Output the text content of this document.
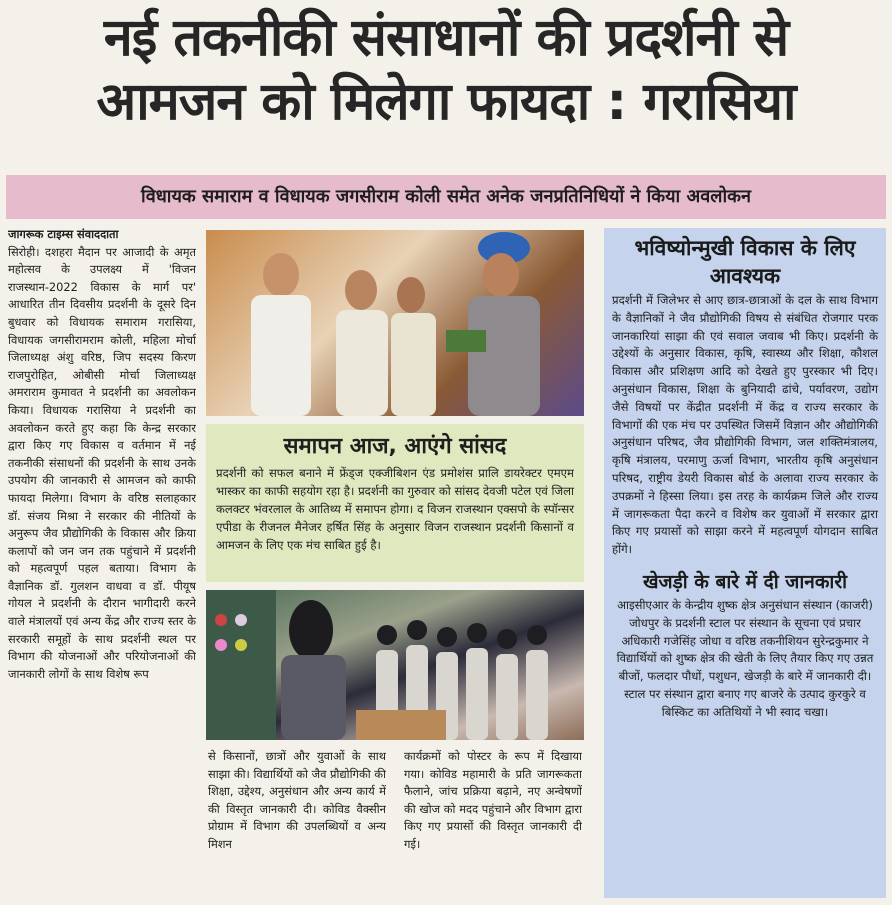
नई तकनीकी संसाधानों की प्रदर्शनी से
आमजन को मिलेगा फायदा : गरासिया
विधायक समाराम व विधायक जगसीराम कोली समेत अनेक जनप्रतिनिधियों ने किया अवलोकन
जागरूक टाइम्स संवाददाता
सिरोही। दशहरा मैदान पर आजादी के अमृत महोत्सव के उपलक्ष्य में 'विजन राजस्थान-2022 विकास के मार्ग पर' आधारित तीन दिवसीय प्रदर्शनी के दूसरे दिन बुधवार को विधायक समाराम गरासिया, विधायक जगसीरामराम कोली, महिला मोर्चा जिलाध्यक्ष अंशु वरिष्ठ, जिप सदस्य किरण राजपुरोहित, ओबीसी मोर्चा जिलाध्यक्ष अमराराम कुमावत ने प्रदर्शनी का अवलोकन किया। विधायक गरासिया ने प्रदर्शनी का अवलोकन करते हुए कहा कि केन्द्र सरकार द्वारा किए गए विकास व वर्तमान में नई तकनीकी संसाधनों की प्रदर्शनी के साथ उनके उपयोग की जानकारी से आमजन को काफी फायदा मिलेगा। विभाग के वरिष्ठ सलाहकार डॉ. संजय मिश्रा ने सरकार की नीतियों के अनुरूप जैव प्रौद्योगिकी के विकास और क्रिया कलापों को जन जन तक पहुंचाने में प्रदर्शनी को महत्वपूर्ण पहल बताया। विभाग के वैज्ञानिक डॉ. गुलशन वाधवा व डॉ. पीयूष गोयल ने प्रदर्शनी के दौरान भागीदारी करने वाले मंत्रालयों एवं अन्य केंद्र और राज्य स्तर के सरकारी समूहों के साथ प्रदर्शनी स्थल पर विभाग की योजनाओं और परियोजनाओं की जानकारी लोगों के साथ विशेष रूप
समापन आज, आएंगे सांसद

प्रदर्शनी को सफल बनाने में फ्रेंड्ज एक्जीबिशन एंड प्रमोशंस प्रालि डायरेक्टर एमएम भास्कर का काफी सहयोग रहा है। प्रदर्शनी का गुरुवार को सांसद देवजी पटेल एवं जिला कलक्टर भंवरलाल के आतिथ्य में समापन होगा। द विजन राजस्थान एक्सपो के स्पॉन्सर एपीडा के रीजनल मैनेजर हर्षित सिंह के अनुसार विजन राजस्थान प्रदर्शनी किसानों व आमजन के लिए एक मंच साबित हुई है।

से किसानों, छात्रों और युवाओं के साथ साझा की। विद्यार्थियों को जैव प्रौद्योगिकी की शिक्षा, उद्देश्य, अनुसंधान और अन्य कार्य में की विस्तृत जानकारी दी। कोविड वैक्सीन प्रोग्राम में विभाग की उपलब्धियों व अन्य मिशन
कार्यक्रमों को पोस्टर के रूप में दिखाया गया। कोविड महामारी के प्रति जागरूकता फैलाने, जांच प्रक्रिया बढ़ाने, नए अन्वेषणों की खोज को मदद पहुंचाने और विभाग द्वारा किए गए प्रयासों की विस्तृत जानकारी दी गई।
भविष्योन्मुखी विकास के लिए आवश्यक

प्रदर्शनी में जिलेभर से आए छात्र-छात्राओं के दल के साथ विभाग के वैज्ञानिकों ने जैव प्रौद्योगिकी विषय से संबंधित रोजगार परक जानकारियां साझा की एवं सवाल जवाब भी किए। प्रदर्शनी के उद्देश्यों के अनुसार विकास, कृषि, स्वास्थ्य और शिक्षा, कौशल विकास और प्रशिक्षण आदि को देखते हुए पुरस्कार भी दिए। अनुसंधान विकास, शिक्षा के बुनियादी ढांचे, पर्यावरण, उद्योग जैसे विषयों पर केंद्रीत प्रदर्शनी में केंद्र व राज्य सरकार के विभागों की एक मंच पर उपस्थित जिसमें विज्ञान और औद्योगिकी अनुसंधान परिषद, जैव प्रौद्योगिकी विभाग, जल शक्तिमंत्रालय, कृषि मंत्रालय, परमाणु ऊर्जा विभाग, भारतीय कृषि अनुसंधान परिषद, राष्ट्रीय डेयरी विकास बोर्ड के अलावा राज्य सरकार के उपक्रमों ने हिस्सा लिया। इस तरह के कार्यक्रम जिले और राज्य में जागरूकता पैदा करने व विशेष कर युवाओं में सरकार द्वारा किए गए प्रयासों को साझा करने में महत्वपूर्ण योगदान साबित होंगे।

खेजड़ी के बारे में दी जानकारी

आइसीएआर के केन्द्रीय शुष्क क्षेत्र अनुसंधान संस्थान (काजरी) जोधपुर के प्रदर्शनी स्टाल पर संस्थान के सूचना एवं प्रचार अधिकारी गजेसिंह जोधा व वरिष्ठ तकनीशियन सुरेन्द्रकुमार ने विद्यार्थियों को शुष्क क्षेत्र की खेती के लिए तैयार किए गए उन्नत बीजों, फलदार पौधों, पशुधन, खेजड़ी के बारे में जानकारी दी। स्टाल पर संस्थान द्वारा बनाए गए बाजरे के उत्पाद कुरकुरे व बिस्किट का अतिथियों ने भी स्वाद चखा।
